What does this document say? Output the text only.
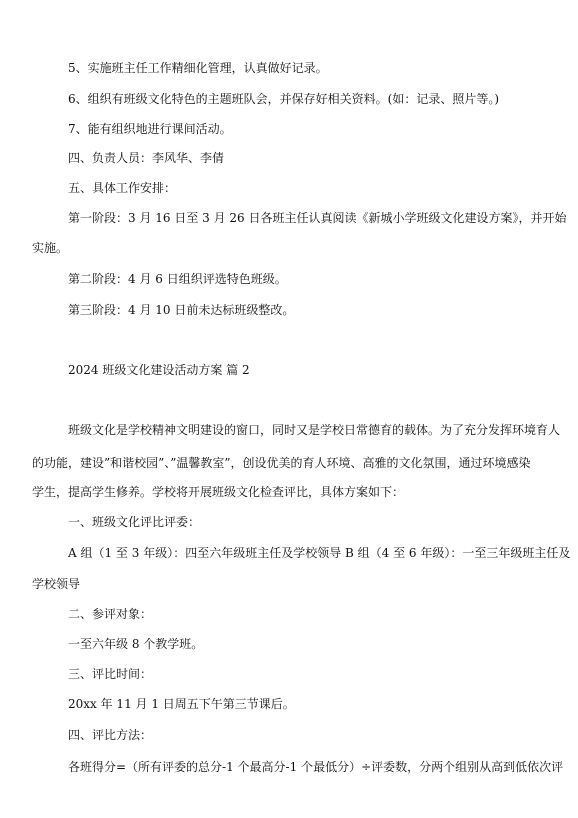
5、实施班主任工作精细化管理，认真做好记录。
6、组织有班级文化特色的主题班队会，并保存好相关资料。(如：记录、照片等。)
7、能有组织地进行课间活动。
四、负责人员：李风华、李倩
五、具体工作安排：
第一阶段：3 月 16 日至 3 月 26 日各班主任认真阅读《新城小学班级文化建设方案》，并开始
实施。
第二阶段：4 月 6 日组织评选特色班级。
第三阶段：4 月 10 日前未达标班级整改。
2024 班级文化建设活动方案 篇 2
班级文化是学校精神文明建设的窗口，同时又是学校日常德育的载体。为了充分发挥环境育人
的功能，建设”和谐校园”、”温馨教室”，创设优美的育人环境、高雅的文化氛围，通过环境感染
学生，提高学生修养。学校将开展班级文化检查评比，具体方案如下：
一、班级文化评比评委：
A 组（1 至 3 年级）：四至六年级班主任及学校领导 B 组（4 至 6 年级）：一至三年级班主任及
学校领导
二、参评对象：
一至六年级 8 个教学班。
三、评比时间：
20xx 年 11 月 1 日周五下午第三节课后。
四、评比方法：
各班得分=（所有评委的总分-1 个最高分-1 个最低分）÷评委数，分两个组别从高到低依次评
